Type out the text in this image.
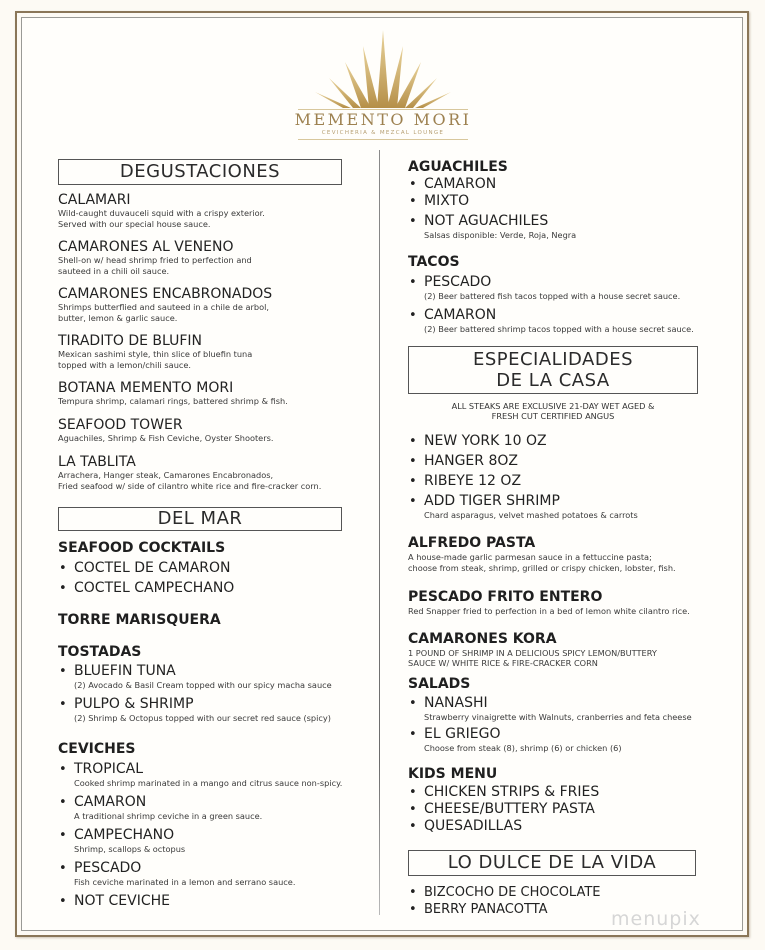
MEMENTO MORI
CEVICHERIA & MEZCAL LOUNGE
DEGUSTACIONES
CALAMARI
Wild-caught duvauceli squid with a crispy exterior.
Served with our special house sauce.
CAMARONES AL VENENO
Shell-on w/ head shrimp fried to perfection and
sauteed in a chili oil sauce.
CAMARONES ENCABRONADOS
Shrimps butterflied and sauteed in a chile de arbol,
butter, lemon & garlic sauce.
TIRADITO DE BLUFIN
Mexican sashimi style, thin slice of bluefin tuna
topped with a lemon/chili sauce.
BOTANA MEMENTO MORI
Tempura shrimp, calamari rings, battered shrimp & fish.
SEAFOOD TOWER
Aguachiles, Shrimp & Fish Ceviche, Oyster Shooters.
LA TABLITA
Arrachera, Hanger steak, Camarones Encabronados,
Fried seafood w/ side of cilantro white rice and fire-cracker corn.
DEL MAR
SEAFOOD COCKTAILS
• COCTEL DE CAMARON
• COCTEL CAMPECHANO
TORRE MARISQUERA
TOSTADAS
• BLUEFIN TUNA
(2) Avocado & Basil Cream topped with our spicy macha sauce
• PULPO & SHRIMP
(2) Shrimp & Octopus topped with our secret red sauce (spicy)
CEVICHES
• TROPICAL
Cooked shrimp marinated in a mango and citrus sauce non-spicy.
• CAMARON
A traditional shrimp ceviche in a green sauce.
• CAMPECHANO
Shrimp, scallops & octopus
• PESCADO
Fish ceviche marinated in a lemon and serrano sauce.
• NOT CEVICHE
AGUACHILES
• CAMARON
• MIXTO
• NOT AGUACHILES
Salsas disponible: Verde, Roja, Negra
TACOS
• PESCADO
(2) Beer battered fish tacos topped with a house secret sauce.
• CAMARON
(2) Beer battered shrimp tacos topped with a house secret sauce.
ESPECIALIDADES
DE LA CASA
ALL STEAKS ARE EXCLUSIVE 21-DAY WET AGED &
FRESH CUT CERTIFIED ANGUS
• NEW YORK 10 OZ
• HANGER 8OZ
• RIBEYE 12 OZ
• ADD TIGER SHRIMP
Chard asparagus, velvet mashed potatoes & carrots
ALFREDO PASTA
A house-made garlic parmesan sauce in a fettuccine pasta;
choose from steak, shrimp, grilled or crispy chicken, lobster, fish.
PESCADO FRITO ENTERO
Red Snapper fried to perfection in a bed of lemon white cilantro rice.
CAMARONES KORA
1 POUND OF SHRIMP IN A DELICIOUS SPICY LEMON/BUTTERY
SAUCE W/ WHITE RICE & FIRE-CRACKER CORN
SALADS
• NANASHI
Strawberry vinaigrette with Walnuts, cranberries and feta cheese
• EL GRIEGO
Choose from steak (8), shrimp (6) or chicken (6)
KIDS MENU
• CHICKEN STRIPS & FRIES
• CHEESE/BUTTERY PASTA
• QUESADILLAS
LO DULCE DE LA VIDA
• BIZCOCHO DE CHOCOLATE
• BERRY PANACOTTA	menupix
